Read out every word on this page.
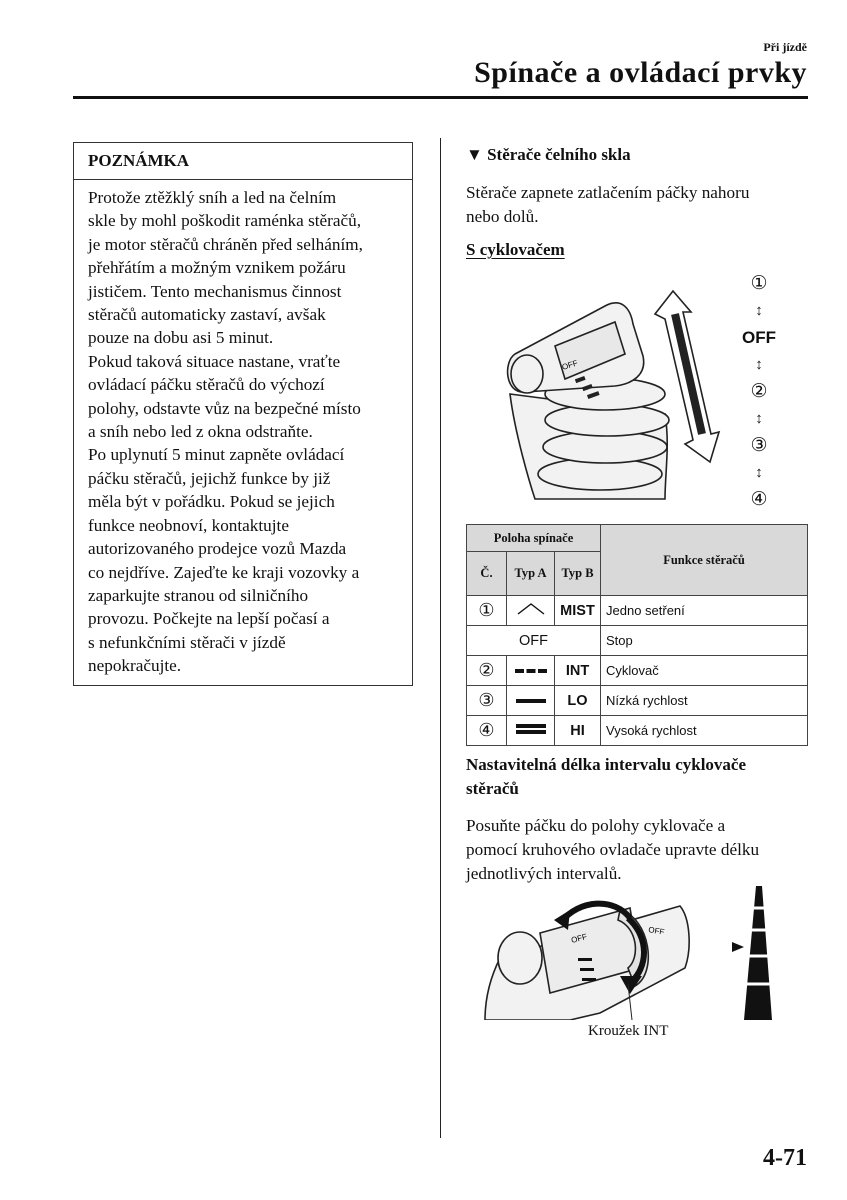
Při jízdě
Spínače a ovládací prvky
POZNÁMKA

Protože ztěžklý sníh a led na čelním

skle by mohl poškodit raménka stěračů,

je motor stěračů chráněn před selháním,

přehřátím a možným vznikem požáru

jističem. Tento mechanismus činnost

stěračů automaticky zastaví, avšak

pouze na dobu asi 5 minut.

Pokud taková situace nastane, vraťte

ovládací páčku stěračů do výchozí

polohy, odstavte vůz na bezpečné místo

a sníh nebo led z okna odstraňte.

Po uplynutí 5 minut zapněte ovládací

páčku stěračů, jejichž funkce by již

měla být v pořádku. Pokud se jejich

funkce neobnoví, kontaktujte

autorizovaného prodejce vozů Mazda

co nejdříve. Zajeďte ke kraji vozovky a

zaparkujte stranou od silničního

provozu. Počkejte na lepší počasí a

s nefunkčními stěrači v jízdě

nepokračujte.

▼ Stěrače čelního skla
Stěrače zapnete zatlačením páčky nahoru
nebo dolů.
S cyklovačem
OFF
①
↕
OFF
↕
②
↕
③
↕
④
Poloha spínače			Funkce stěračů
Č.	Typ A	Typ B	
①		MIST	Jedno setření
OFF			Stop
②		INT	Cyklovač
③		LO	Nízká rychlost
④		HI	Vysoká rychlost
Nastavitelná délka intervalu cyklovače
stěračů
Posuňte páčku do polohy cyklovače a
pomocí kruhového ovladače upravte délku
jednotlivých intervalů.
OFF
OFF
Kroužek INT
4-71
